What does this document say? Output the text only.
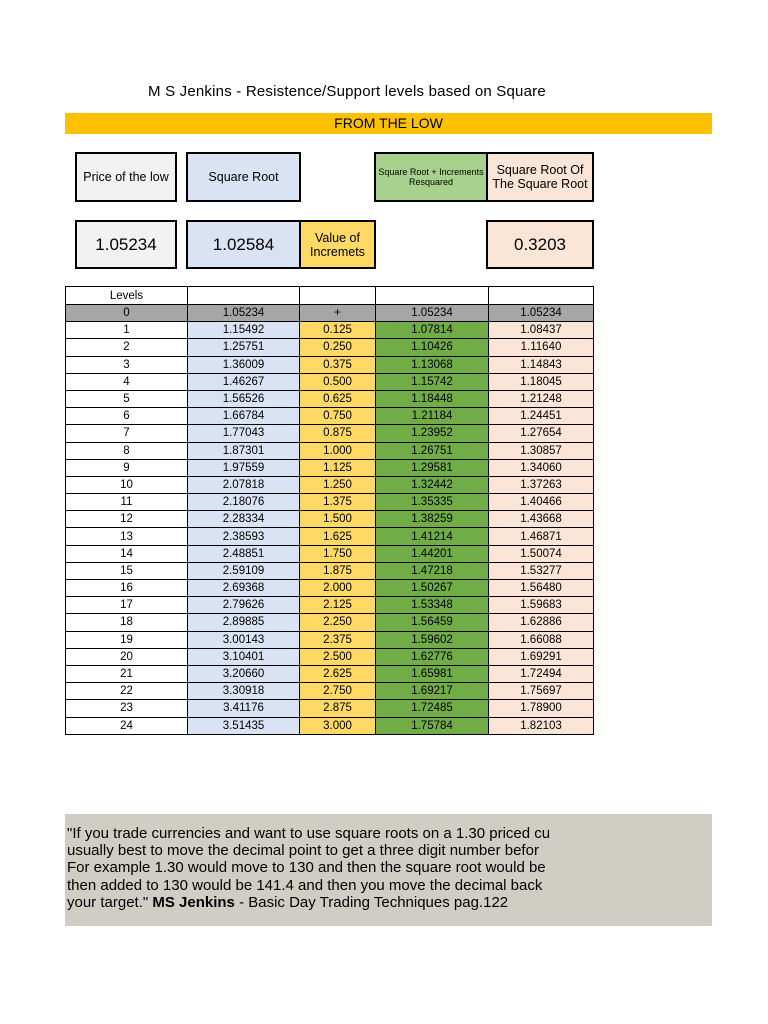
M S Jenkins - Resistence/Support levels based on Square
FROM THE LOW
Price of the low	Square Root	Square Root + Increments Resquared
Square Root Of The Square Root
1.05234	1.02584	Value of Incremets	0.3203
Levels				
0	1.05234	+	1.05234	1.05234
1	1.15492	0.125	1.07814	1.08437
2	1.25751	0.250	1.10426	1.11640
3	1.36009	0.375	1.13068	1.14843
4	1.46267	0.500	1.15742	1.18045
5	1.56526	0.625	1.18448	1.21248
6	1.66784	0.750	1.21184	1.24451
7	1.77043	0.875	1.23952	1.27654
8	1.87301	1.000	1.26751	1.30857
9	1.97559	1.125	1.29581	1.34060
10	2.07818	1.250	1.32442	1.37263
11	2.18076	1.375	1.35335	1.40466
12	2.28334	1.500	1.38259	1.43668
13	2.38593	1.625	1.41214	1.46871
14	2.48851	1.750	1.44201	1.50074
15	2.59109	1.875	1.47218	1.53277
16	2.69368	2.000	1.50267	1.56480
17	2.79626	2.125	1.53348	1.59683
18	2.89885	2.250	1.56459	1.62886
19	3.00143	2.375	1.59602	1.66088
20	3.10401	2.500	1.62776	1.69291
21	3.20660	2.625	1.65981	1.72494
22	3.30918	2.750	1.69217	1.75697
23	3.41176	2.875	1.72485	1.78900
24	3.51435	3.000	1.75784	1.82103
"If you trade currencies and want to use square roots on a 1.30 priced cu
usually best to move the decimal point to get a three digit number befor
For example 1.30 would move to 130 and then the square root would be
then added to 130 would be 141.4 and then you move the decimal back
your target." MS Jenkins - Basic Day Trading Techniques pag.122
